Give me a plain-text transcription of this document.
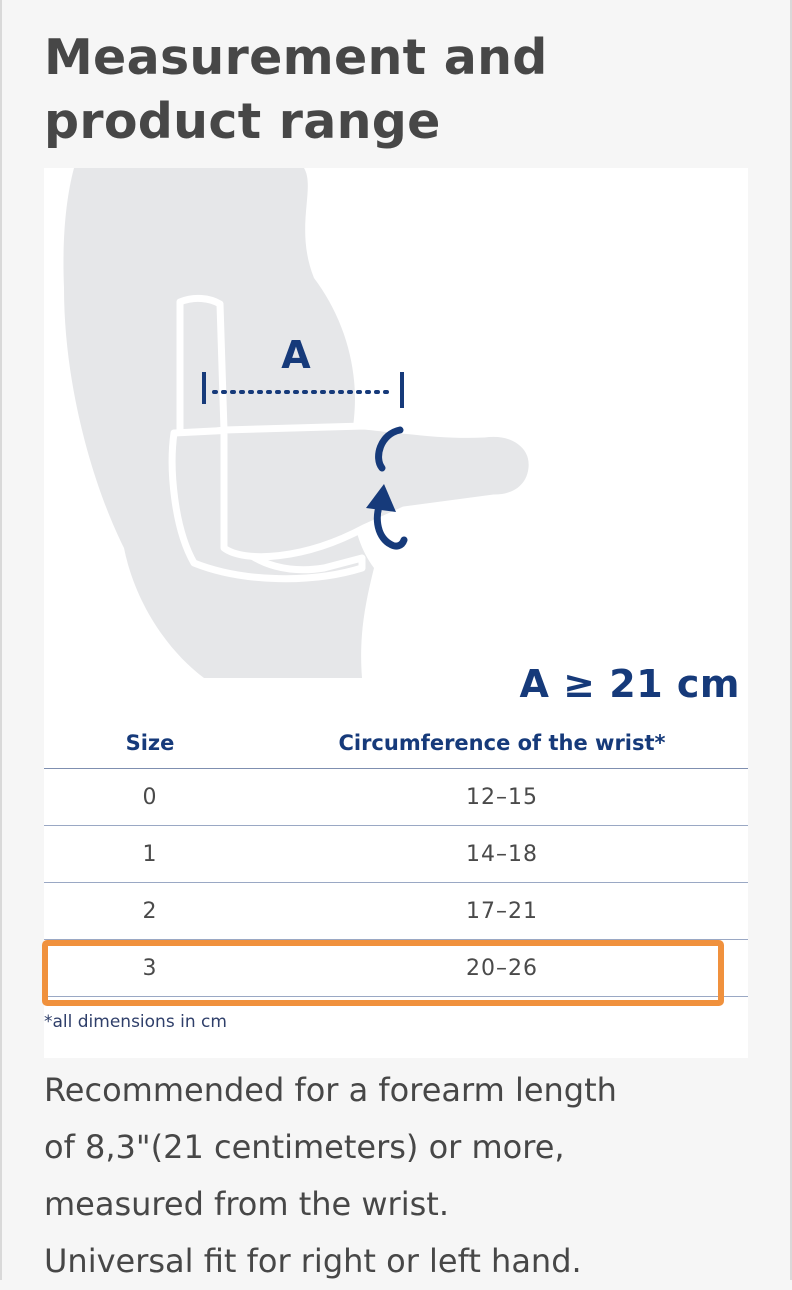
Measurement and product range
A
A ≥ 21 cm
Size	Circumference of the wrist*
0	12–15
1	14–18
2	17–21
3	20–26
*all dimensions in cm

Recommended for a forearm length

of 8,3"(21 centimeters) or more,

measured from the wrist.

Universal fit for right or left hand.
